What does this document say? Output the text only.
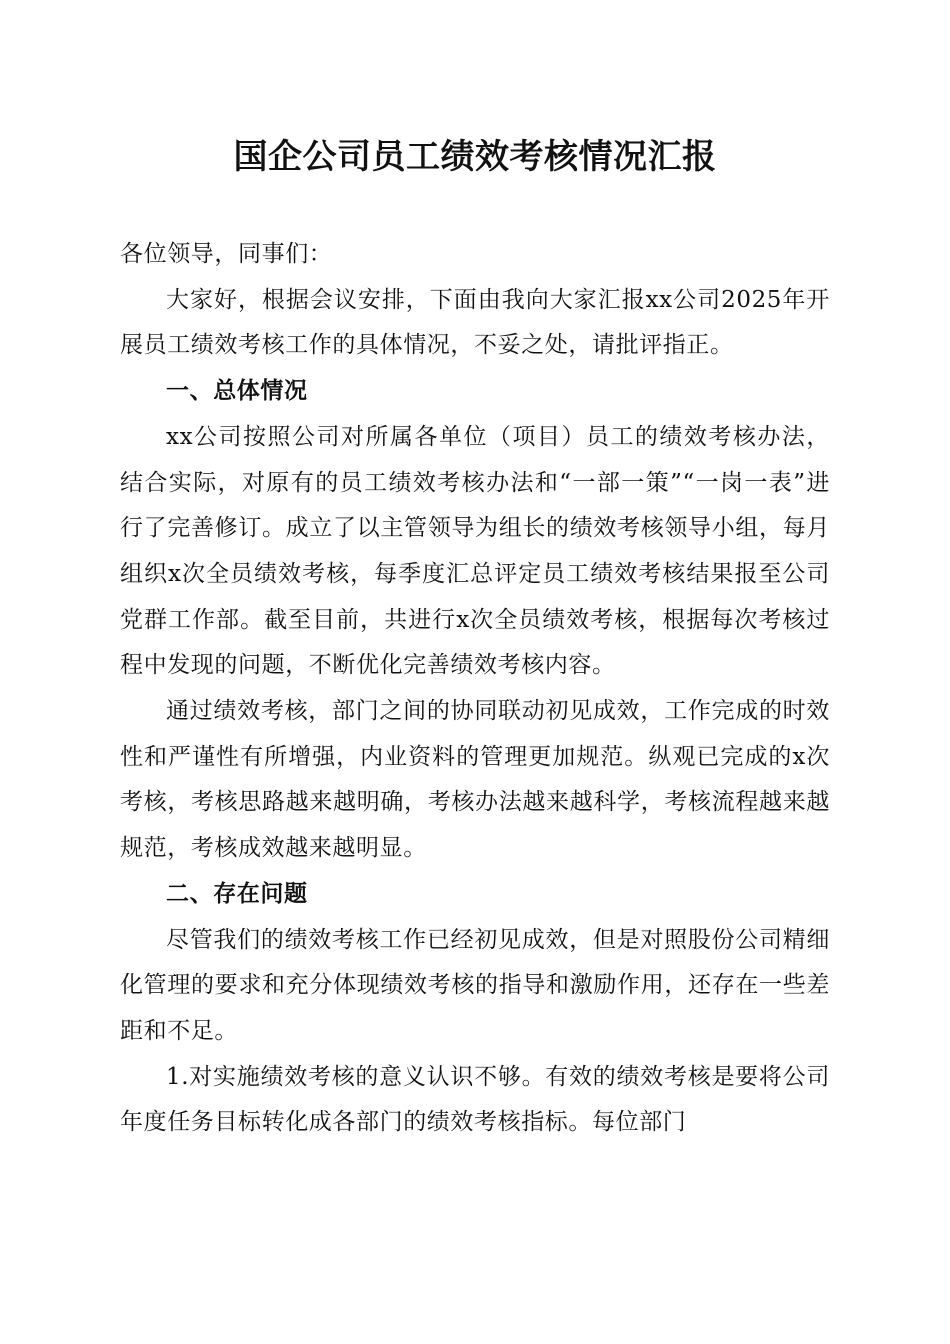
国企公司员工绩效考核情况汇报

各位领导，同事们：

大家好，根据会议安排，下面由我向大家汇报xx公司2025年开展员工绩效考核工作的具体情况，不妥之处，请批评指正。

一、总体情况

xx公司按照公司对所属各单位（项目）员工的绩效考核办法，结合实际，对原有的员工绩效考核办法和“一部一策”“一岗一表”进行了完善修订。成立了以主管领导为组长的绩效考核领导小组，每月组织x次全员绩效考核，每季度汇总评定员工绩效考核结果报至公司党群工作部。截至目前，共进行x次全员绩效考核，根据每次考核过程中发现的问题，不断优化完善绩效考核内容。

通过绩效考核，部门之间的协同联动初见成效，工作完成的时效性和严谨性有所增强，内业资料的管理更加规范。纵观已完成的x次考核，考核思路越来越明确，考核办法越来越科学，考核流程越来越规范，考核成效越来越明显。

二、存在问题

尽管我们的绩效考核工作已经初见成效，但是对照股份公司精细化管理的要求和充分体现绩效考核的指导和激励作用，还存在一些差距和不足。

1.对实施绩效考核的意义认识不够。有效的绩效考核是要将公司年度任务目标转化成各部门的绩效考核指标。每位部门
